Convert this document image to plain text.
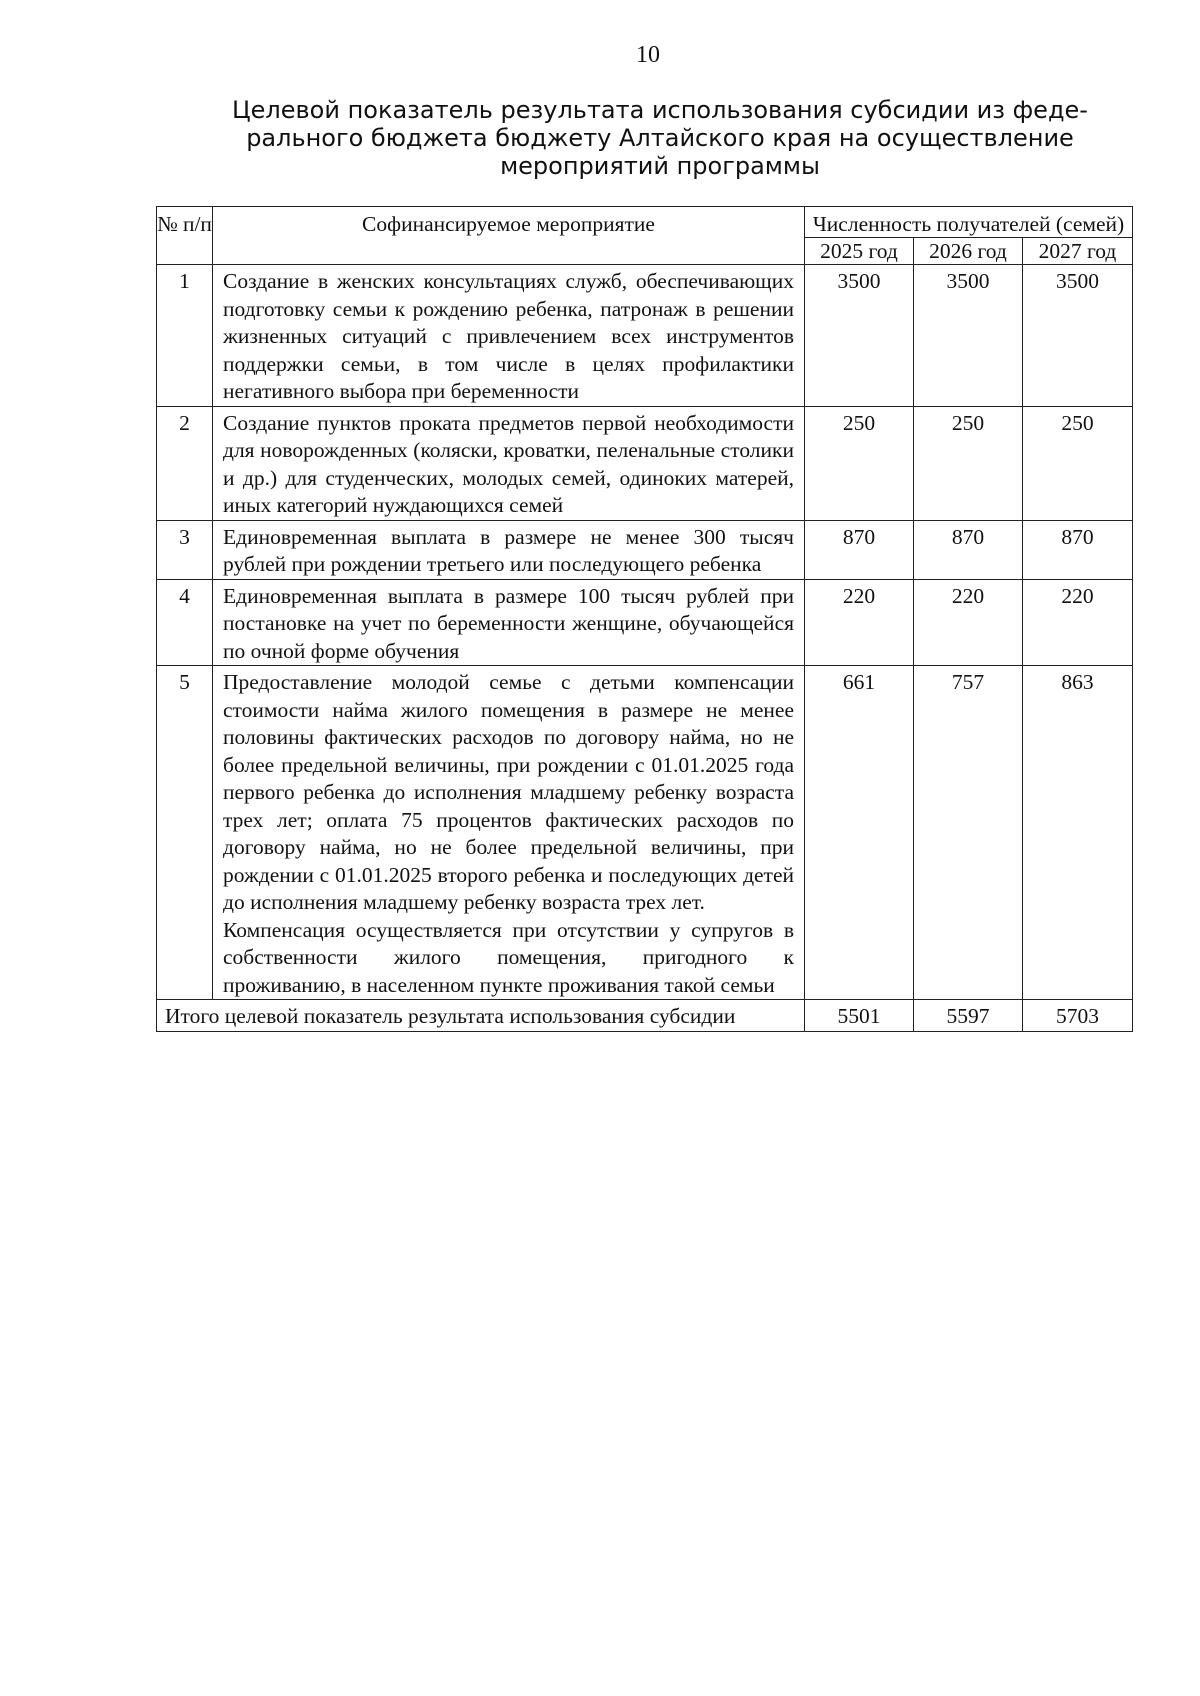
10
Целевой показатель результата использования субсидии из феде-
рального бюджета бюджету Алтайского края на осуществление
мероприятий программы
№ п/п	Софинансируемое мероприятие	Численность получателей (семей)		
		2025 год	2026 год	2027 год
1	Создание в женских консультациях служб, обеспечивающих подготовку семьи к рождению ребенка, патронаж в решении жизненных ситуаций с привлечением всех инструментов поддержки семьи, в том числе в целях профилактики негативного выбора при беременности	3500	3500	3500
2	Создание пунктов проката предметов первой необходимости для новорожденных (коляски, кроватки, пеленальные столики и др.) для студенческих, молодых семей, одиноких матерей, иных категорий нуждающихся семей	250	250	250
3	Единовременная выплата в размере не менее 300 тысяч рублей при рождении третьего или последующего ребенка	870	870	870
4	Единовременная выплата в размере 100 тысяч рублей при постановке на учет по беременности женщине, обучающейся по очной форме обучения	220	220	220
5	Предоставление молодой семье с детьми компенсации стоимости найма жилого помещения в размере не менее половины фактических расходов по договору найма, но не более предельной величины, при рождении с 01.01.2025 года первого ребенка до исполнения младшему ребенку возраста трех лет; оплата 75 процентов фактических расходов по договору найма, но не более предельной величины, при рождении с 01.01.2025 второго ребенка и последующих детей до исполнения младшему ребенку возраста трех лет.
Компенсация осуществляется при отсутствии у супругов в собственности жилого помещения, пригодного к проживанию, в населенном пункте проживания такой семьи	661	757	863
Итого целевой показатель результата использования субсидии		5501	5597	5703
